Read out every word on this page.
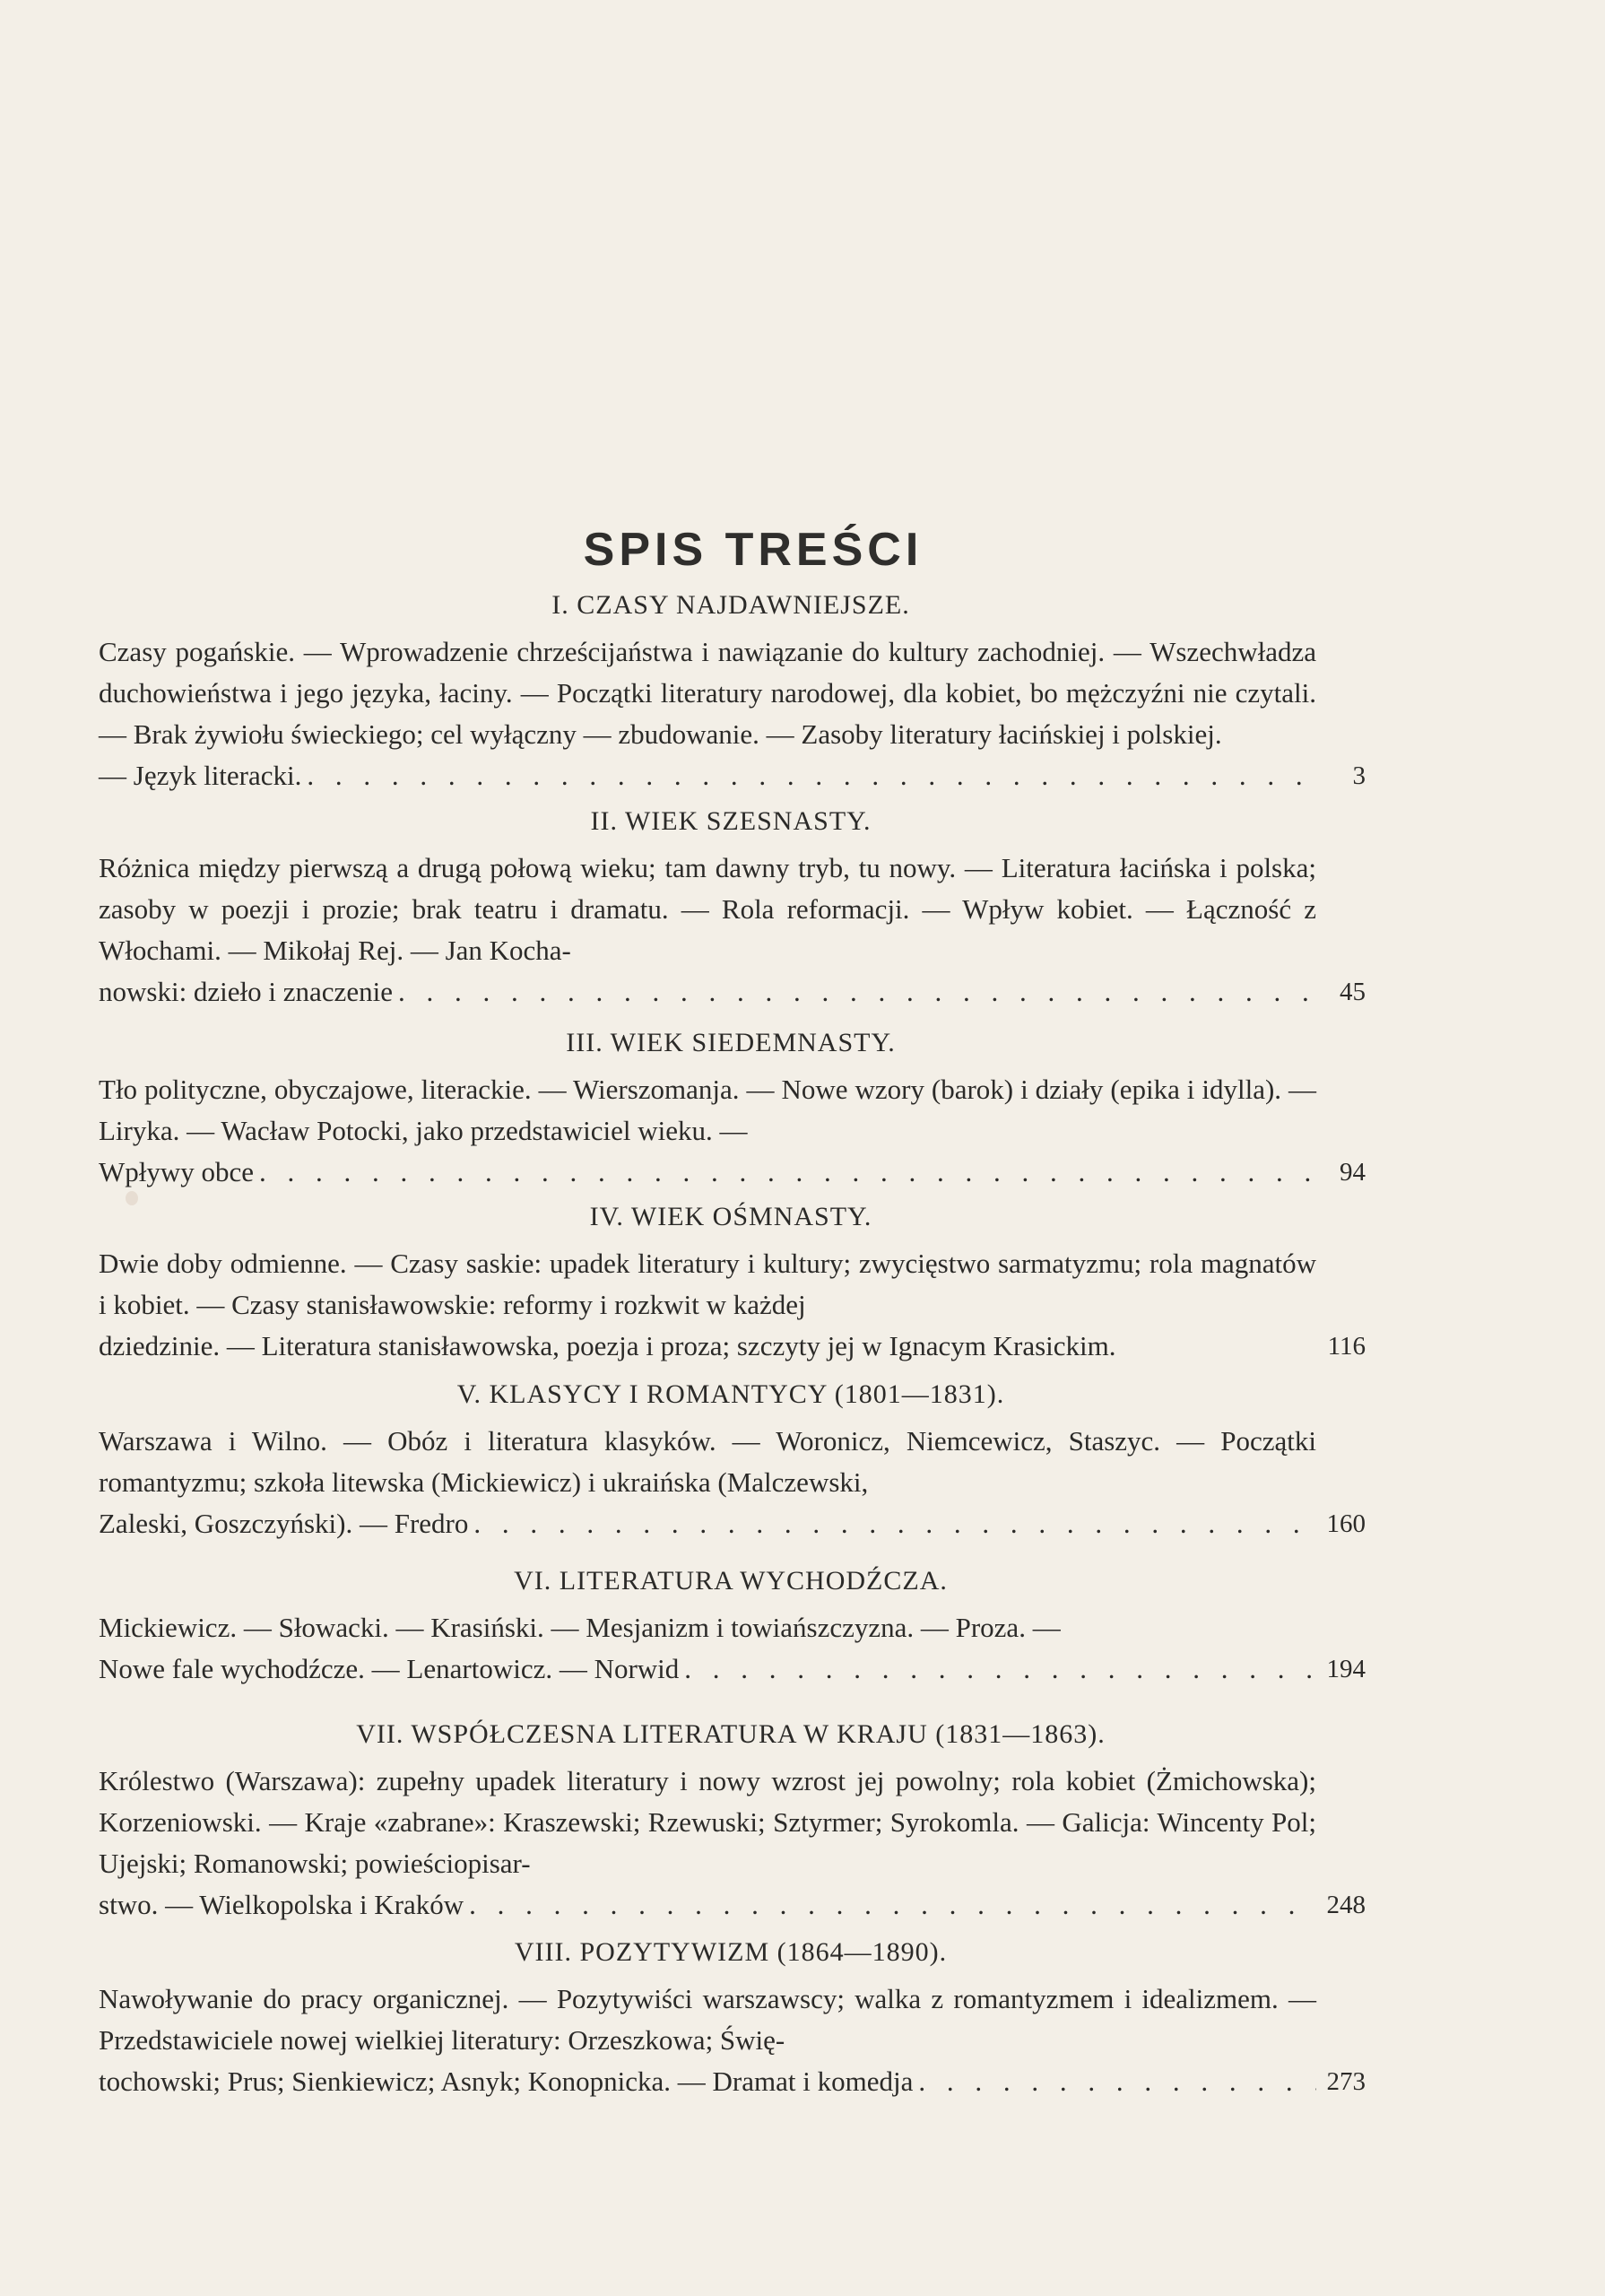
SPIS TREŚCI
I. CZASY NAJDAWNIEJSZE.

Czasy pogańskie. — Wprowadzenie chrześcijaństwa i nawiązanie do kultury zachodniej. — Wszechwładza duchowieństwa i jego języka, łaciny. — Początki literatury narodowej, dla kobiet, bo mężczyźni nie czytali. — Brak żywiołu świeckiego; cel wyłączny — zbudowanie. — Zasoby literatury łacińskiej i polskiej.

— Język literacki. . . .	3
II. WIEK SZESNASTY.

Różnica między pierwszą a drugą połową wieku; tam dawny tryb, tu nowy. — Literatura łacińska i polska; zasoby w poezji i prozie; brak teatru i dramatu. — Rola reformacji. — Wpływ kobiet. — Łączność z Włochami. — Mikołaj Rej. — Jan Kocha-

nowski: dzieło i znaczenie . . .	45
III. WIEK SIEDEMNASTY.

Tło polityczne, obyczajowe, literackie. — Wierszomanja. — Nowe wzory (barok) i działy (epika i idylla). — Liryka. — Wacław Potocki, jako przedstawiciel wieku. —

Wpływy obce . . .	94
IV. WIEK OŚMNASTY.

Dwie doby odmienne. — Czasy saskie: upadek literatury i kultury; zwycięstwo sarmatyzmu; rola magnatów i kobiet. — Czasy stanisławowskie: reformy i rozkwit w każdej

dziedzinie. — Literatura stanisławowska, poezja i proza; szczyty jej w Ignacym Krasickim.	116
V. KLASYCY I ROMANTYCY (1801—1831).

Warszawa i Wilno. — Obóz i literatura klasyków. — Woronicz, Niemcewicz, Staszyc. — Początki romantyzmu; szkoła litewska (Mickiewicz) i ukraińska (Malczewski,

Zaleski, Goszczyński). — Fredro . . .	160
VI. LITERATURA WYCHODŹCZA.

Mickiewicz. — Słowacki. — Krasiński. — Mesjanizm i towiańszczyzna. — Proza. —

Nowe fale wychodźcze. — Lenartowicz. — Norwid . . .	194
VII. WSPÓŁCZESNA LITERATURA W KRAJU (1831—1863).

Królestwo (Warszawa): zupełny upadek literatury i nowy wzrost jej powolny; rola kobiet (Żmichowska); Korzeniowski. — Kraje «zabrane»: Kraszewski; Rzewuski; Sztyrmer; Syrokomla. — Galicja: Wincenty Pol; Ujejski; Romanowski; powieściopisar-

stwo. — Wielkopolska i Kraków . . .	248
VIII. POZYTYWIZM (1864—1890).

Nawoływanie do pracy organicznej. — Pozytywiści warszawscy; walka z romantyzmem i idealizmem. — Przedstawiciele nowej wielkiej literatury: Orzeszkowa; Świę-

tochowski; Prus; Sienkiewicz; Asnyk; Konopnicka. — Dramat i komedja . . .	273
